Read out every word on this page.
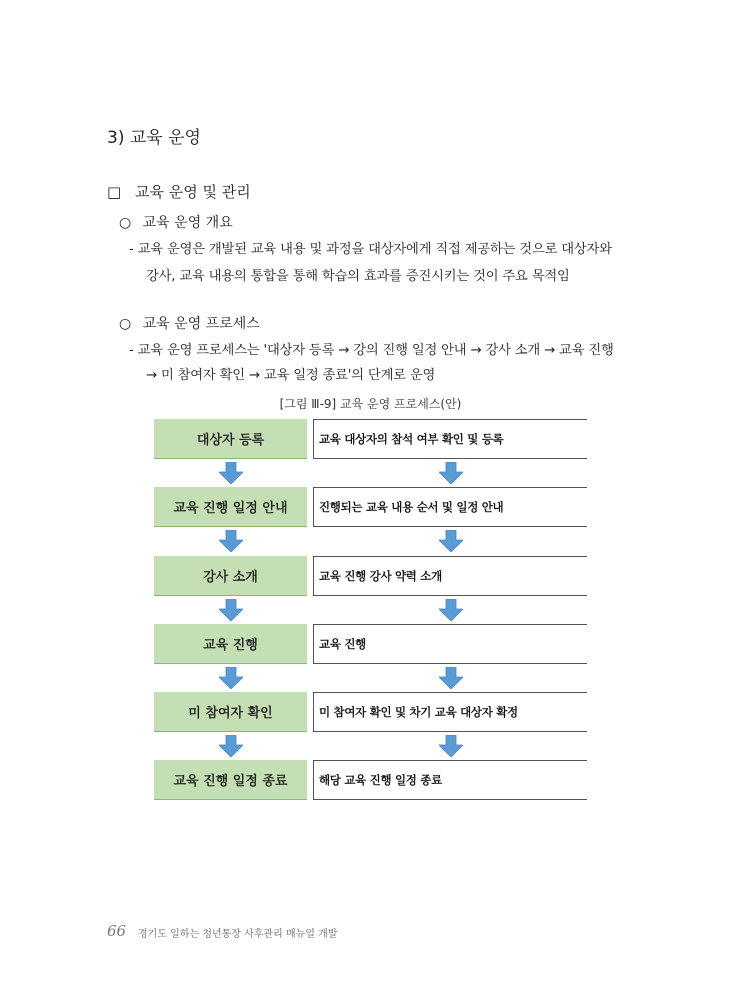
3) 교육 운영
□ 교육 운영 및 관리
○ 교육 운영 개요
- 교육 운영은 개발된 교육 내용 및 과정을 대상자에게 직접 제공하는 것으로 대상자와
강사, 교육 내용의 통합을 통해 학습의 효과를 증진시키는 것이 주요 목적임
○ 교육 운영 프로세스
- 교육 운영 프로세스는 '대상자 등록 → 강의 진행 일정 안내 → 강사 소개 → 교육 진행
→ 미 참여자 확인 → 교육 일정 종료'의 단계로 운영
[그림 Ⅲ-9] 교육 운영 프로세스(안)
대상자 등록	교육 대상자의 참석 여부 확인 및 등록
교육 진행 일정 안내	진행되는 교육 내용 순서 및 일정 안내
강사 소개	교육 진행 강사 약력 소개
교육 진행	교육 진행
미 참여자 확인	미 참여자 확인 및 차기 교육 대상자 확정
교육 진행 일정 종료	해당 교육 진행 일정 종료
66 경기도 일하는 청년통장 사후관리 매뉴얼 개발
